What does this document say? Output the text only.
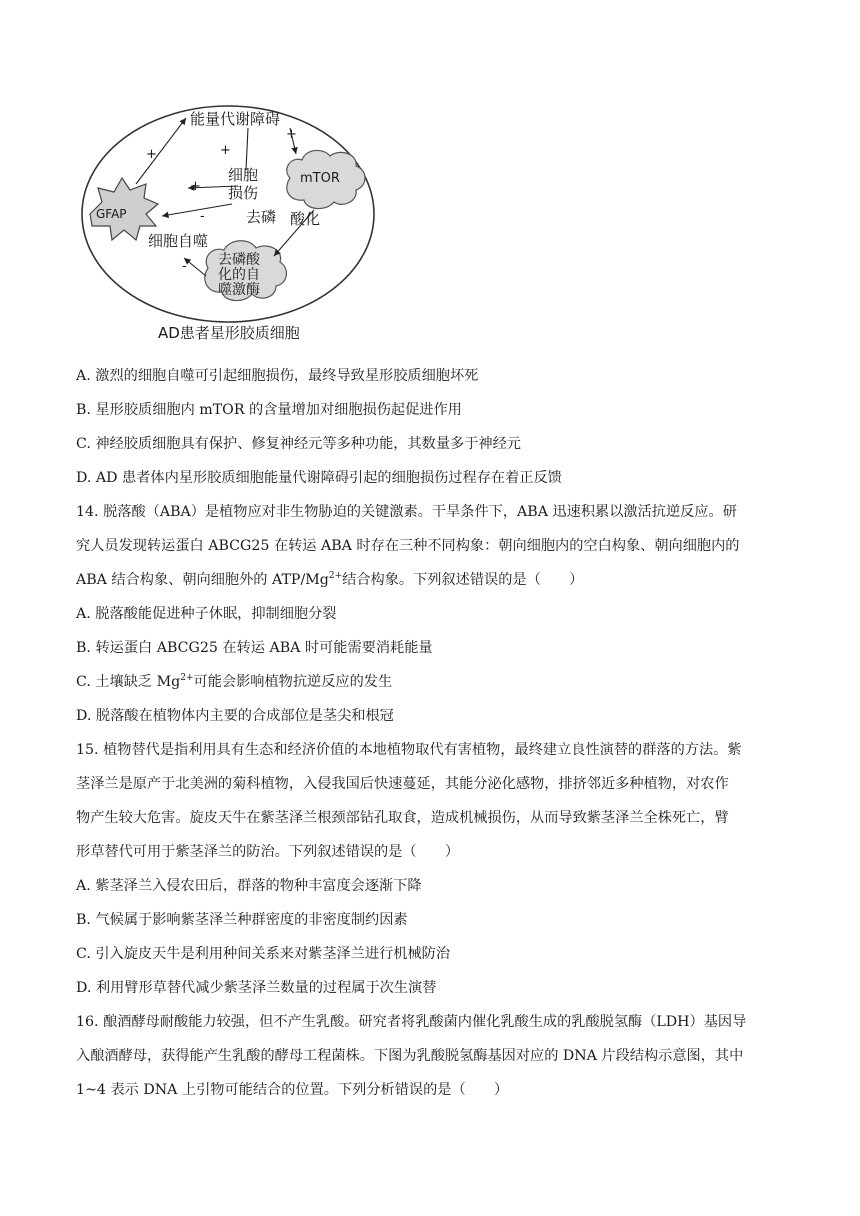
能量代谢障碍
细胞
损伤
mTOR
GFAP
细胞自噬
去磷酸
化的自
噬激酶
去磷 酸化
AD患者星形胶质细胞
+	+
+
+
-
-
A. 激烈的细胞自噬可引起细胞损伤，最终导致星形胶质细胞坏死
B. 星形胶质细胞内 mTOR 的含量增加对细胞损伤起促进作用
C. 神经胶质细胞具有保护、修复神经元等多种功能，其数量多于神经元
D. AD 患者体内星形胶质细胞能量代谢障碍引起的细胞损伤过程存在着正反馈
14. 脱落酸（ABA）是植物应对非生物胁迫的关键激素。干旱条件下，ABA 迅速积累以激活抗逆反应。研
究人员发现转运蛋白 ABCG25 在转运 ABA 时存在三种不同构象：朝向细胞内的空白构象、朝向细胞内的
ABA 结合构象、朝向细胞外的 ATP/$Mg^{2+}$结合构象。下列叙述错误的是（　　）
A. 脱落酸能促进种子休眠，抑制细胞分裂
B. 转运蛋白 ABCG25 在转运 ABA 时可能需要消耗能量
C. 土壤缺乏 $Mg^{2+}$可能会影响植物抗逆反应的发生
D. 脱落酸在植物体内主要的合成部位是茎尖和根冠
15. 植物替代是指利用具有生态和经济价值的本地植物取代有害植物，最终建立良性演替的群落的方法。紫
茎泽兰是原产于北美洲的菊科植物，入侵我国后快速蔓延，其能分泌化感物，排挤邻近多种植物，对农作
物产生较大危害。旋皮天牛在紫茎泽兰根颈部钻孔取食，造成机械损伤，从而导致紫茎泽兰全株死亡，臂
形草替代可用于紫茎泽兰的防治。下列叙述错误的是（　　）
A. 紫茎泽兰入侵农田后，群落的物种丰富度会逐渐下降
B. 气候属于影响紫茎泽兰种群密度的非密度制约因素
C. 引入旋皮天牛是利用种间关系来对紫茎泽兰进行机械防治
D. 利用臂形草替代减少紫茎泽兰数量的过程属于次生演替
16. 酿酒酵母耐酸能力较强，但不产生乳酸。研究者将乳酸菌内催化乳酸生成的乳酸脱氢酶（LDH）基因导
入酿酒酵母，获得能产生乳酸的酵母工程菌株。下图为乳酸脱氢酶基因对应的 DNA 片段结构示意图，其中
1~4 表示 DNA 上引物可能结合的位置。下列分析错误的是（　　）
